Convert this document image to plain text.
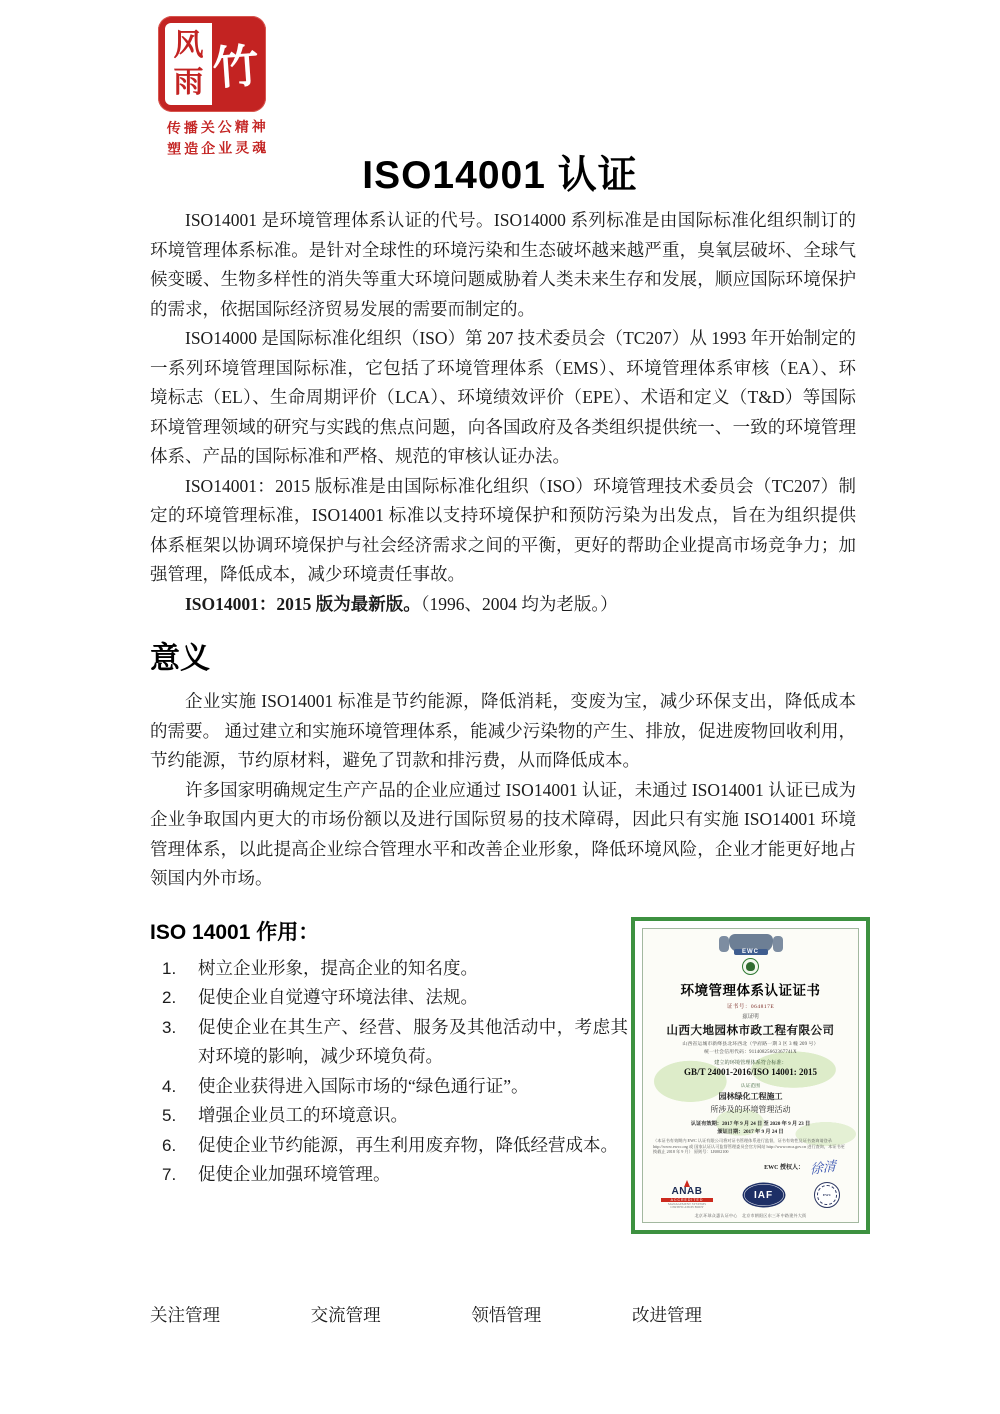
风
雨 竹
传播关公精神
塑造企业灵魂
ISO14001 认证

ISO14001 是环境管理体系认证的代号。ISO14000 系列标准是由国际标准化组织制订的环境管理体系标准。是针对全球性的环境污染和生态破坏越来越严重，臭氧层破坏、全球气候变暖、生物多样性的消失等重大环境问题威胁着人类未来生存和发展，顺应国际环境保护的需求，依据国际经济贸易发展的需要而制定的。

ISO14000 是国际标准化组织（ISO）第 207 技术委员会（TC207）从 1993 年开始制定的一系列环境管理国际标准，它包括了环境管理体系（EMS）、环境管理体系审核（EA）、环境标志（EL）、生命周期评价（LCA）、环境绩效评价（EPE）、术语和定义（T&D）等国际环境管理领域的研究与实践的焦点问题，向各国政府及各类组织提供统一、一致的环境管理体系、产品的国际标准和严格、规范的审核认证办法。

ISO14001：2015 版标准是由国际标准化组织（ISO）环境管理技术委员会（TC207）制定的环境管理标准，ISO14001 标准以支持环境保护和预防污染为出发点，旨在为组织提供体系框架以协调环境保护与社会经济需求之间的平衡，更好的帮助企业提高市场竞争力；加强管理，降低成本，减少环境责任事故。

ISO14001：2015 版为最新版。（1996、2004 均为老版。）

意义

企业实施 ISO14001 标准是节约能源，降低消耗，变废为宝，减少环保支出，降低成本的需要。 通过建立和实施环境管理体系，能减少污染物的产生、排放，促进废物回收利用，节约能源，节约原材料，避免了罚款和排污费，从而降低成本。

许多国家明确规定生产产品的企业应通过 ISO14001 认证，未通过 ISO14001 认证已成为企业争取国内更大的市场份额以及进行国际贸易的技术障碍，因此只有实施 ISO14001 环境管理体系，以此提高企业综合管理水平和改善企业形象，降低环境风险，企业才能更好地占领国内外市场。

ISO 14001 作用：
树立企业形象，提高企业的知名度。
促使企业自觉遵守环境法律、法规。
促使企业在其生产、经营、服务及其他活动中，考虑其对环境的影响，减少环境负荷。
使企业获得进入国际市场的“绿色通行证”。
增强企业员工的环境意识。
促使企业节约能源，再生利用废弃物，降低经营成本。
促使企业加强环境管理。
EWC
环境管理体系认证证书
证书号：064817E
兹证明
山西大地园林市政工程有限公司
山西省运城市新绛县北环西北（学府路一期 3 区 3 幢 209 号）
统一社会信用代码：91140825662367741X
建立的环境管理体系符合标准：
GB/T 24001-2016/ISO 14001: 2015
认证范围
园林绿化工程施工
所涉及的环境管理活动
认证有效期：2017 年 9 月 24 日 至 2020 年 9 月 23 日
颁证日期：2017 年 9 月 24 日
（本证书有效期内 EWC 认证有限公司将对证书管理体系进行监督，证书有效性及证书查询请登录 http://www.ewcc.org 或 国家认证认可监督管理委员会官方网站 http://www.cnca.gov.cn 进行查询，本证书更换截止 2018 年 9 月） 原则号：LB002100
EWC 授权人： 徐清
ANAB
ACCREDITED
MANAGEMENT SYSTEMS
CERTIFICATION BODY
IAF	EWC
北京环球众惠认证中心　北京市朝阳区东三环中路建外大街
关注管理	交流管理	领悟管理	改进管理
